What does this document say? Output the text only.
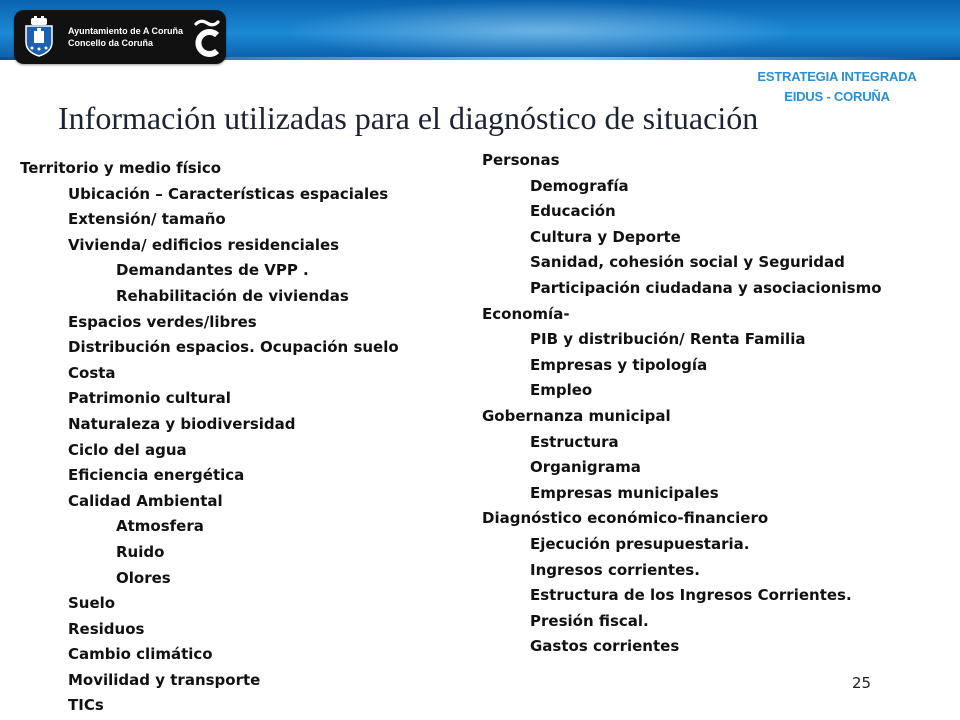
Ayuntamiento de A Coruña
Concello da Coruña
ESTRATEGIA INTEGRADA
EIDUS - CORUÑA
Información utilizadas para el diagnóstico de situación
Territorio y medio físico
Ubicación – Características espaciales
Extensión/ tamaño
Vivienda/ edificios residenciales
Demandantes de VPP .
Rehabilitación de viviendas
Espacios verdes/libres
Distribución espacios. Ocupación suelo
Costa
Patrimonio cultural
Naturaleza y biodiversidad
Ciclo del agua
Eficiencia energética
Calidad Ambiental
Atmosfera
Ruido
Olores
Suelo
Residuos
Cambio climático
Movilidad y transporte
TICs
Personas
Demografía
Educación
Cultura y Deporte
Sanidad, cohesión social y Seguridad
Participación ciudadana y asociacionismo
Economía-
PIB y distribución/ Renta Familia
Empresas y tipología
Empleo
Gobernanza municipal
Estructura
Organigrama
Empresas municipales
Diagnóstico económico-financiero
Ejecución presupuestaria.
Ingresos corrientes.
Estructura de los Ingresos Corrientes.
Presión fiscal.
Gastos corrientes
25
